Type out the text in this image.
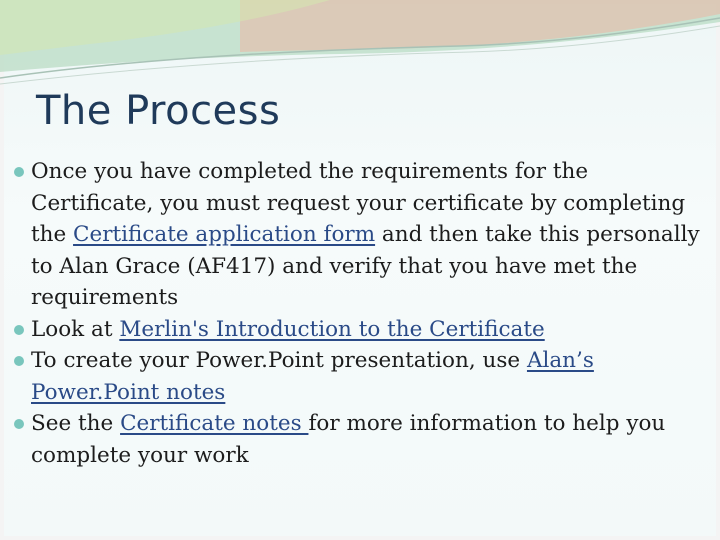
The Process
Once you have completed the requirements for the Certificate, you must request your certificate by completing the Certificate application form and then take this personally to Alan Grace (AF417) and verify that you have met the requirements
Look at Merlin's Introduction to the Certificate
To create your Power.Point presentation, use Alan’s Power.Point notes
See the Certificate notes for more information to help you complete your work
